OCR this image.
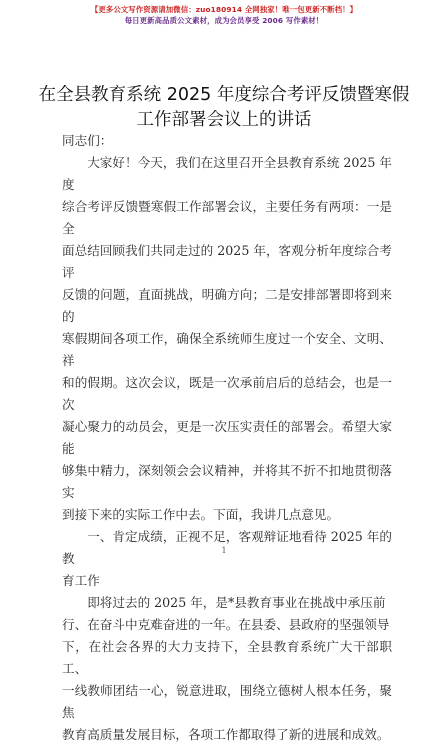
【更多公文写作资源请加微信：zuo180914 全网独家！唯一包更新不断档！】
每日更新高品质公文素材，成为会员享受 2006 写作素材！
在全县教育系统 2025 年度综合考评反馈暨寒假
工作部署会议上的讲话

同志们：

大家好！今天，我们在这里召开全县教育系统 2025 年度
综合考评反馈暨寒假工作部署会议，主要任务有两项：一是全
面总结回顾我们共同走过的 2025 年，客观分析年度综合考评
反馈的问题，直面挑战，明确方向；二是安排部署即将到来的
寒假期间各项工作，确保全系统师生度过一个安全、文明、祥
和的假期。这次会议，既是一次承前启后的总结会，也是一次
凝心聚力的动员会，更是一次压实责任的部署会。希望大家能
够集中精力，深刻领会会议精神，并将其不折不扣地贯彻落实
到接下来的实际工作中去。下面，我讲几点意见。

一、肯定成绩，正视不足，客观辩证地看待 2025 年的教
育工作

即将过去的 2025 年，是*县教育事业在挑战中承压前
行、在奋斗中克难奋进的一年。在县委、县政府的坚强领导
下，在社会各界的大力支持下，全县教育系统广大干部职工、
一线教师团结一心，锐意进取，围绕立德树人根本任务，聚焦
教育高质量发展目标，各项工作都取得了新的进展和成效。

1
